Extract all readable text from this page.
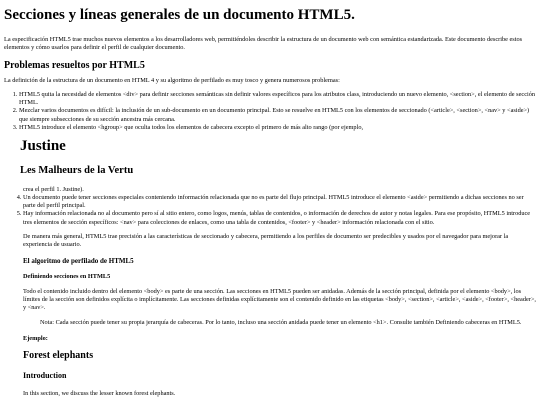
Secciones y líneas generales de un documento HTML5.

La especificación HTML5 trae muchos nuevos elementos a los desarrolladores web, permitiéndoles describir la estructura de un documento web con semántica estandarizada. Este documento describe estos elementos y cómo usarlos para definir el perfil de cualquier documento.

Problemas resueltos por HTML5

La definición de la estructura de un documento en HTML 4 y su algoritmo de perfilado es muy tosco y genera numerosos problemas:

1. HTML5 quita la necesidad de elementos <div> para definir secciones semánticas sin definir valores específicos para los atributos class, introduciendo un nuevo elemento, <section>, el elemento de sección HTML.
2. Mezclar varios documentos es difícil: la inclusión de un sub-documento en un documento principal. Esto se resuelve en HTML5 con los elementos de seccionado (<article>, <section>, <nav> y <aside>) que siempre subsecciones de su sección ancestra más cercana.
3. HTML5 introduce el elemento <hgroup> que oculta todos los elementos de cabecera excepto el primero de más alto rango (por ejemplo,
Justine
Les Malheurs de la Vertu

crea el perfil 1. Justine).

4. Un documento puede tener secciones especiales conteniendo información relacionada que no es parte del flujo principal. HTML5 introduce el elemento <aside> permitiendo a dichas secciones no ser parte del perfil principal.
5. Hay información relacionada no al documento pero sí al sitio entero, como logos, menús, tablas de contenidos, o información de derechos de autor y notas legales. Para ese propósito, HTML5 introduce tres elementos de sección específicos: <nav> para colecciones de enlaces, como una tabla de contenidos, <footer> y <header> información relacionada con el sitio.

De manera más general, HTML5 trae precisión a las características de seccionado y cabecera, permitiendo a los perfiles de documento ser predecibles y usados por el navegador para mejorar la experiencia de usuario.

El algoritmo de perfilado de HTML5
Definiendo secciones en HTML5

Todo el contenido incluido dentro del elemento <body> es parte de una sección. Las secciones en HTML5 pueden ser anidadas. Además de la sección principal, definida por el elemento <body>, los límites de la sección son definidos explícita o implícitamente. Las secciones definidas explícitamente son el contenido definido en las etiquetas <body>, <section>, <article>, <aside>, <footer>, <header>, y <nav>.

Nota: Cada sección puede tener su propia jerarquía de cabeceras. Por lo tanto, incluso una sección anidada puede tener un elemento <h1>. Consulte también Definiendo cabeceras en HTML5.

Ejemplo:
Forest elephants
Introduction

In this section, we discuss the lesser known forest elephants.
